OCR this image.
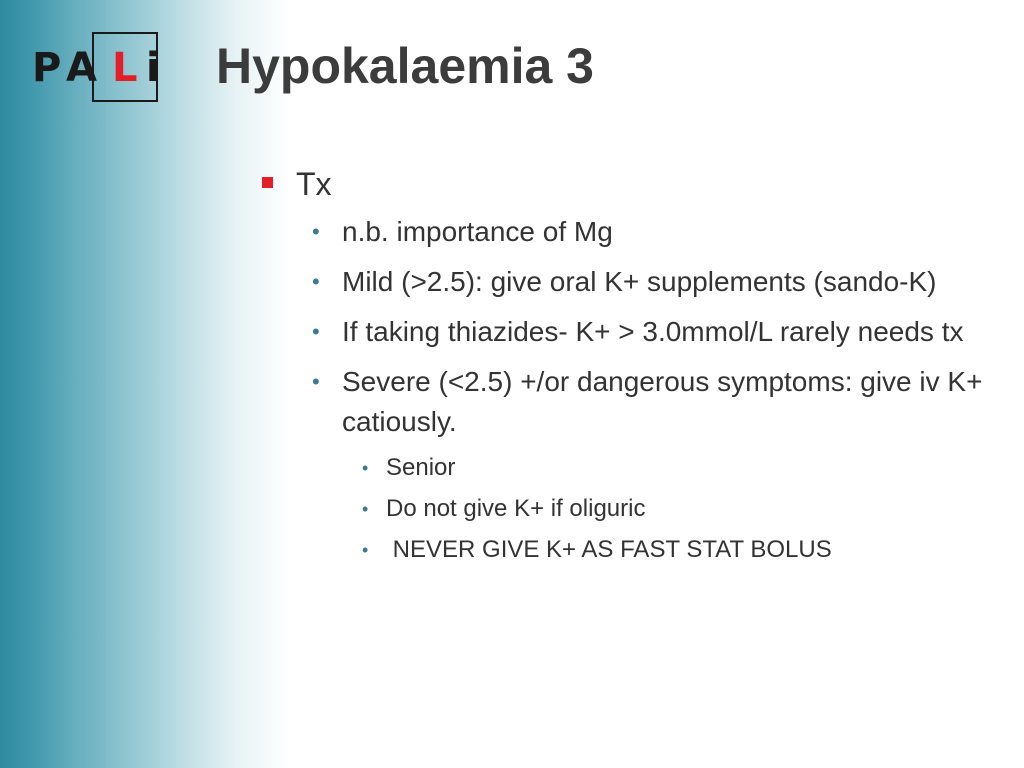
P A L i Hypokalaemia 3
Tx
• n.b. importance of Mg
• Mild (>2.5): give oral K+ supplements (sando-K)
• If taking thiazides- K+ > 3.0mmol/L rarely needs tx
• Severe (<2.5) +/or dangerous symptoms: give iv K+ catiously.
• Senior
• Do not give K+ if oliguric
• NEVER GIVE K+ AS FAST STAT BOLUS
